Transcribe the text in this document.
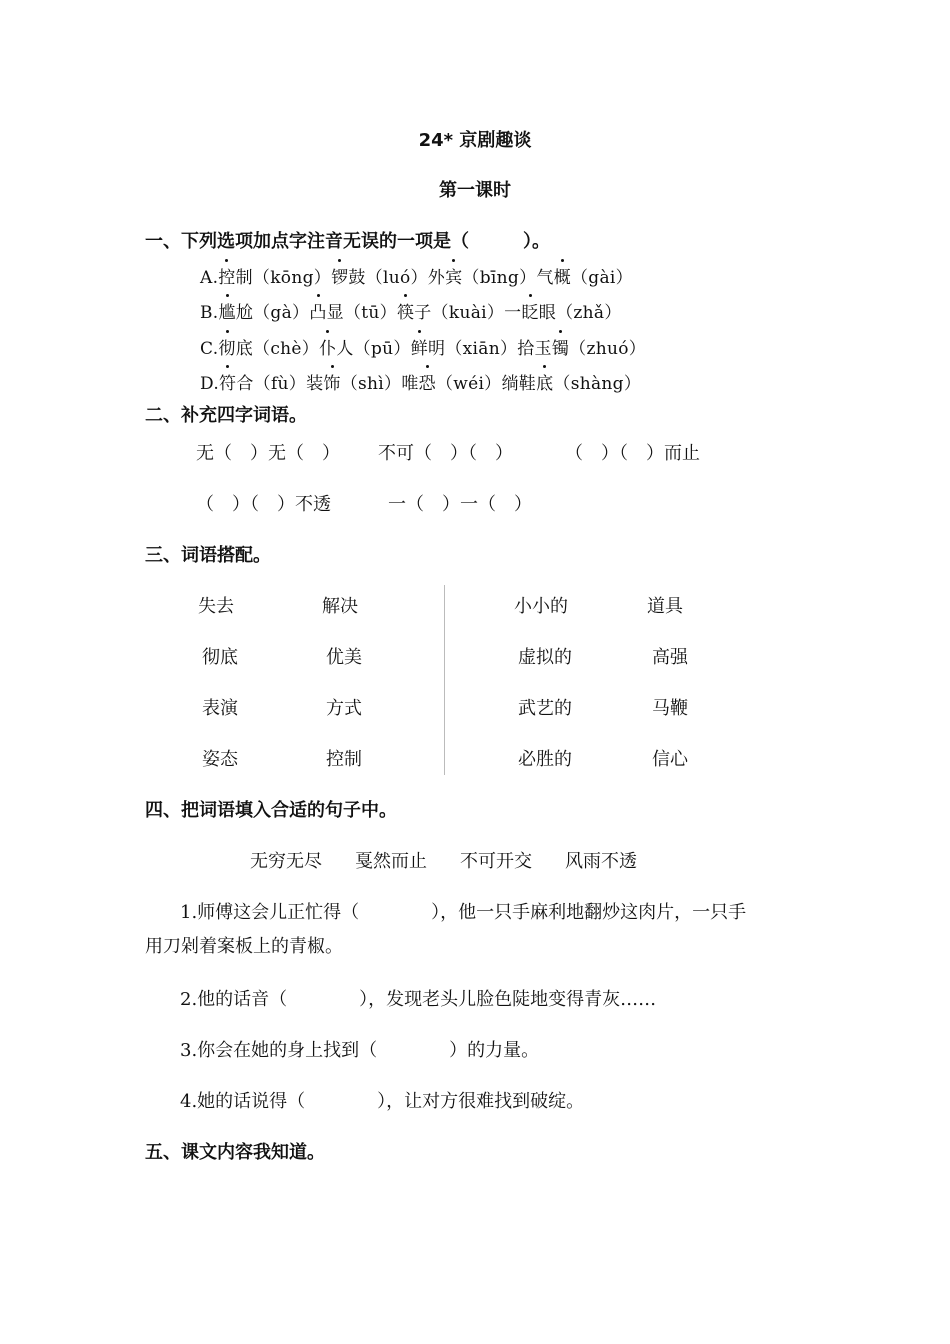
24* 京剧趣谈
第一课时
一、下列选项加点字注音无误的一项是（　　　）。
A.控制（kōng）锣鼓（luó）外宾（bīng）气概（gài）
B.尴尬（gà）凸显（tū）筷子（kuài）一眨眼（zhǎ）
C.彻底（chè）仆人（pū）鲜明（xiān）拾玉镯（zhuó）
D.符合（fù）装饰（shì）唯恐（wéi）绱鞋底（shàng）
二、补充四字词语。
无（　）无（　） 不可（　）（　）	（　）（　）而止
（　）（　）不透	一（　）一（　）
三、词语搭配。
失去
彻底
表演
姿态
解决
优美
方式
控制
小小的
虚拟的
武艺的
必胜的
道具
高强
马鞭
信心
四、把词语填入合适的句子中。
无穷无尽 戛然而止 不可开交 风雨不透
1.师傅这会儿正忙得（　　　　），他一只手麻利地翻炒这肉片，一只手
用刀剁着案板上的青椒。
2.他的话音（　　　　），发现老头儿脸色陡地变得青灰……
3.你会在她的身上找到（　　　　）的力量。
4.她的话说得（　　　　），让对方很难找到破绽。
五、课文内容我知道。
